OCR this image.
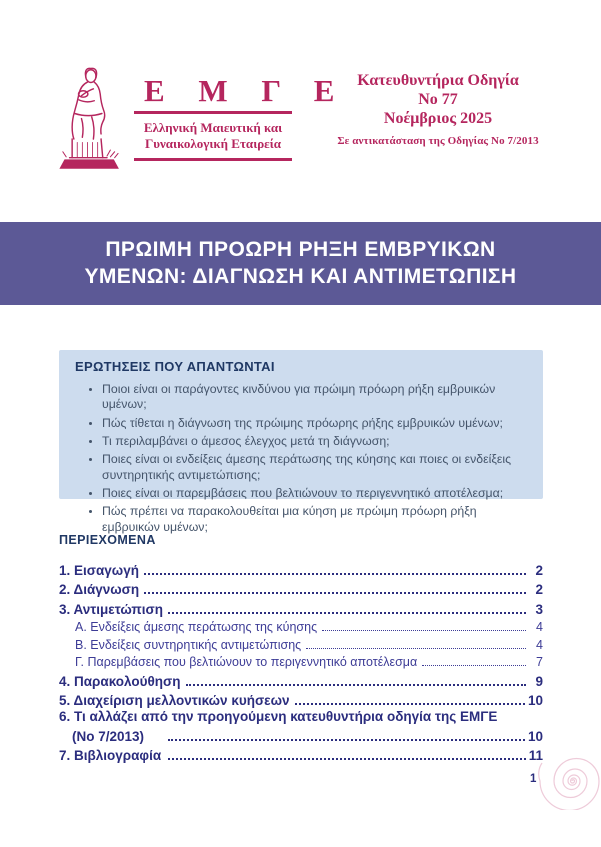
Ε Μ Γ Ε
Ελληνική Μαιευτική και
Γυναικολογική Εταιρεία
Κατευθυντήρια Οδηγία
Νο 77
Νοέμβριος 2025
Σε αντικατάσταση της Οδηγίας Νο 7/2013
ΠΡΩΙΜΗ ΠΡΟΩΡΗ ΡΗΞΗ ΕΜΒΡΥΙΚΩΝ
ΥΜΕΝΩΝ: ΔΙΑΓΝΩΣΗ ΚΑΙ ΑΝΤΙΜΕΤΩΠΙΣΗ
ΕΡΩΤΗΣΕΙΣ ΠΟΥ ΑΠΑΝΤΩΝΤΑΙ
• Ποιοι είναι οι παράγοντες κινδύνου για πρώιμη πρόωρη ρήξη εμβρυικών υμένων;
• Πώς τίθεται η διάγνωση της πρώιμης πρόωρης ρήξης εμβρυικών υμένων;
• Τι περιλαμβάνει ο άμεσος έλεγχος μετά τη διάγνωση;
• Ποιες είναι οι ενδείξεις άμεσης περάτωσης της κύησης και ποιες οι ενδείξεις συντηρητικής αντιμετώπισης;
• Ποιες είναι οι παρεμβάσεις που βελτιώνουν το περιγεννητικό αποτέλεσμα;
• Πώς πρέπει να παρακολουθείται μια κύηση με πρώιμη πρόωρη ρήξη εμβρυικών υμένων;
ΠΕΡΙΕΧΟΜΕΝΑ
1. Εισαγωγή	2
2. Διάγνωση	2
3. Αντιμετώπιση	3
Α. Ενδείξεις άμεσης περάτωσης της κύησης	4
Β. Ενδείξεις συντηρητικής αντιμετώπισης	4
Γ. Παρεμβάσεις που βελτιώνουν το περιγεννητικό αποτέλεσμα	7
4. Παρακολούθηση	9
5. Διαχείριση μελλοντικών κυήσεων	10
6. Τι αλλάζει από την προηγούμενη κατευθυντήρια οδηγία της ΕΜΓΕ
(Νο 7/2013)	10
7. Βιβλιογραφία	11
1
